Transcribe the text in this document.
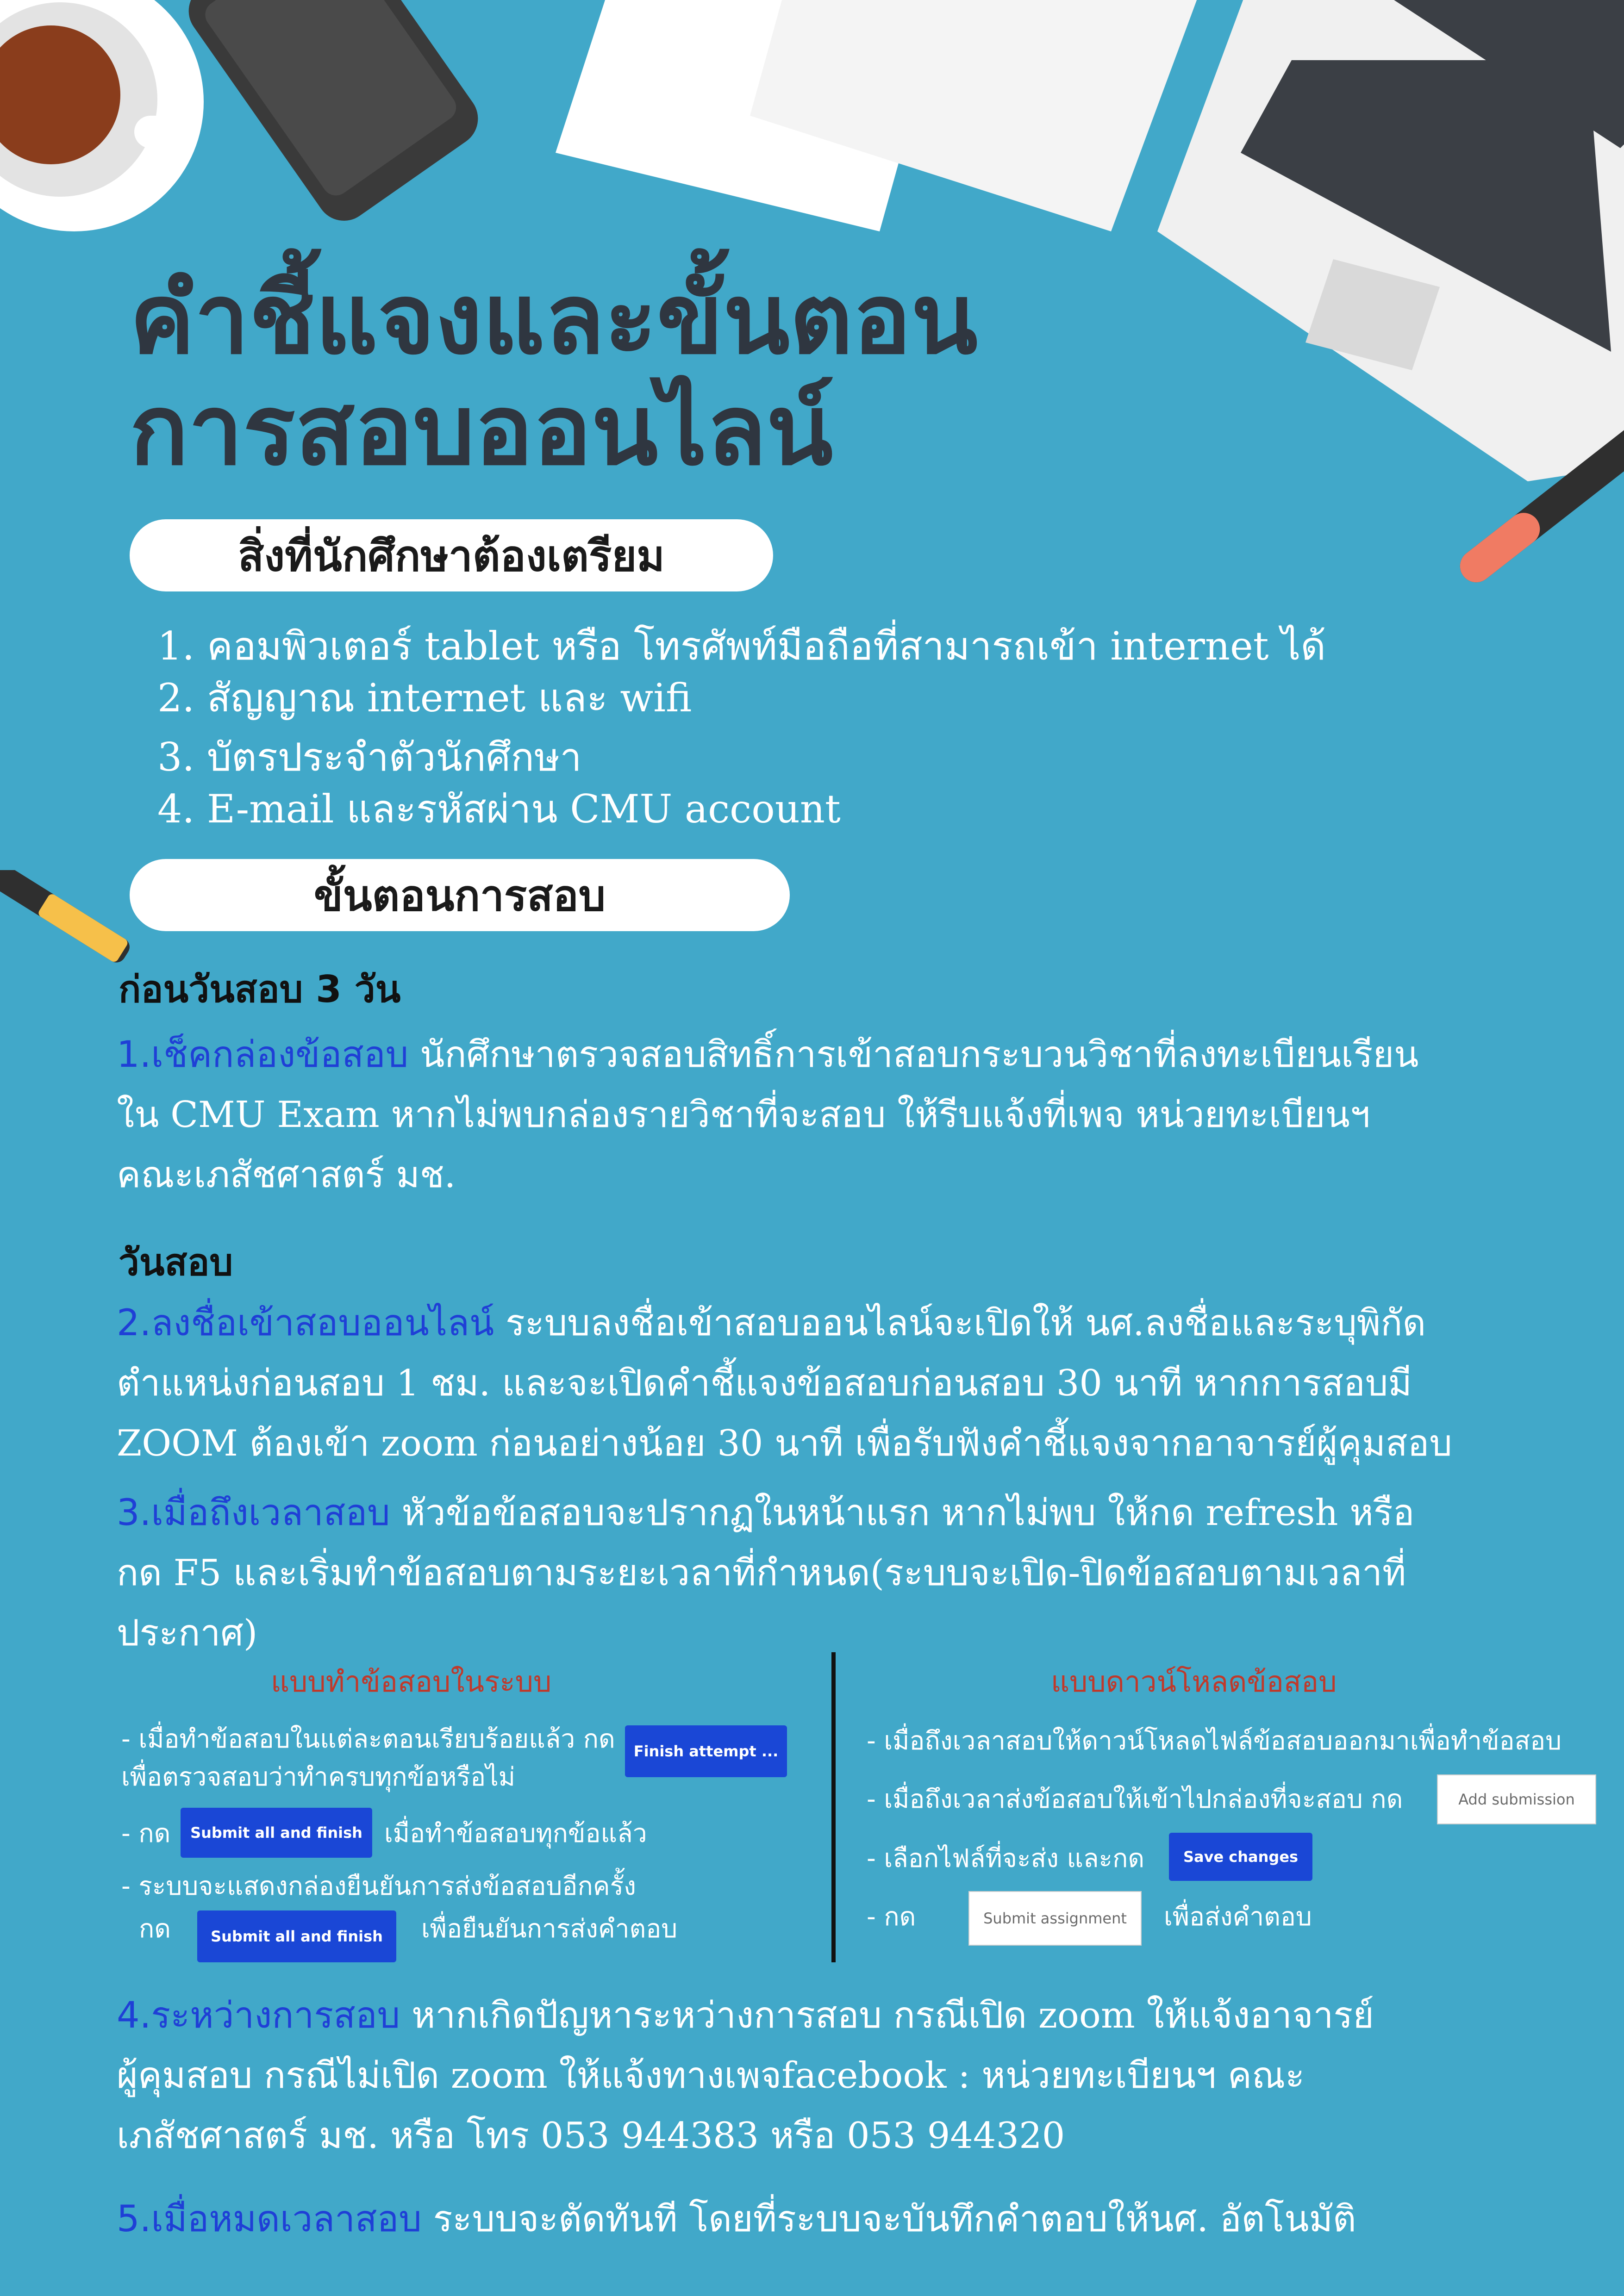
คำชี้แจงและขั้นตอน
การสอบออนไลน์
สิ่งที่นักศึกษาต้องเตรียม
1. คอมพิวเตอร์ tablet หรือ โทรศัพท์มือถือที่สามารถเข้า internet ได้
2. สัญญาณ internet และ wifi
3. บัตรประจำตัวนักศึกษา
4. E-mail และรหัสผ่าน CMU account
ขั้นตอนการสอบ
ก่อนวันสอบ 3 วัน
1.เช็คกล่องข้อสอบ นักศึกษาตรวจสอบสิทธิ์การเข้าสอบกระบวนวิชาที่ลงทะเบียนเรียน
ใน CMU Exam หากไม่พบกล่องรายวิชาที่จะสอบ ให้รีบแจ้งที่เพจ หน่วยทะเบียนฯ
คณะเภสัชศาสตร์ มช.
วันสอบ
2.ลงชื่อเข้าสอบออนไลน์ ระบบลงชื่อเข้าสอบออนไลน์จะเปิดให้ นศ.ลงชื่อและระบุพิกัด
ตำแหน่งก่อนสอบ 1 ชม. และจะเปิดคำชี้แจงข้อสอบก่อนสอบ 30 นาที หากการสอบมี
ZOOM ต้องเข้า zoom ก่อนอย่างน้อย 30 นาที เพื่อรับฟังคำชี้แจงจากอาจารย์ผู้คุมสอบ
3.เมื่อถึงเวลาสอบ หัวข้อข้อสอบจะปรากฏในหน้าแรก หากไม่พบ ให้กด refresh หรือ
กด F5 และเริ่มทำข้อสอบตามระยะเวลาที่กำหนด(ระบบจะเปิด-ปิดข้อสอบตามเวลาที่
ประกาศ)
แบบทำข้อสอบในระบบ	แบบดาวน์โหลดข้อสอบ
- เมื่อทำข้อสอบในแต่ละตอนเรียบร้อยแล้ว กด
เพื่อตรวจสอบว่าทำครบทุกข้อหรือไม่
Finish attempt ...
- กด	Submit all and finish เมื่อทำข้อสอบทุกข้อแล้ว
- ระบบจะแสดงกล่องยืนยันการส่งข้อสอบอีกครั้ง
กด	Submit all and finish	เพื่อยืนยันการส่งคำตอบ
- เมื่อถึงเวลาสอบให้ดาวน์โหลดไฟล์ข้อสอบออกมาเพื่อทำข้อสอบ
- เมื่อถึงเวลาส่งข้อสอบให้เข้าไปกล่องที่จะสอบ กด	Add submission
- เลือกไฟล์ที่จะส่ง และกด	Save changes
- กด	Submit assignment	เพื่อส่งคำตอบ
4.ระหว่างการสอบ หากเกิดปัญหาระหว่างการสอบ กรณีเปิด zoom ให้แจ้งอาจารย์
ผู้คุมสอบ กรณีไม่เปิด zoom ให้แจ้งทางเพจfacebook : หน่วยทะเบียนฯ คณะ
เภสัชศาสตร์ มช. หรือ โทร 053 944383 หรือ 053 944320
5.เมื่อหมดเวลาสอบ ระบบจะตัดทันที โดยที่ระบบจะบันทึกคำตอบให้นศ. อัตโนมัติ
